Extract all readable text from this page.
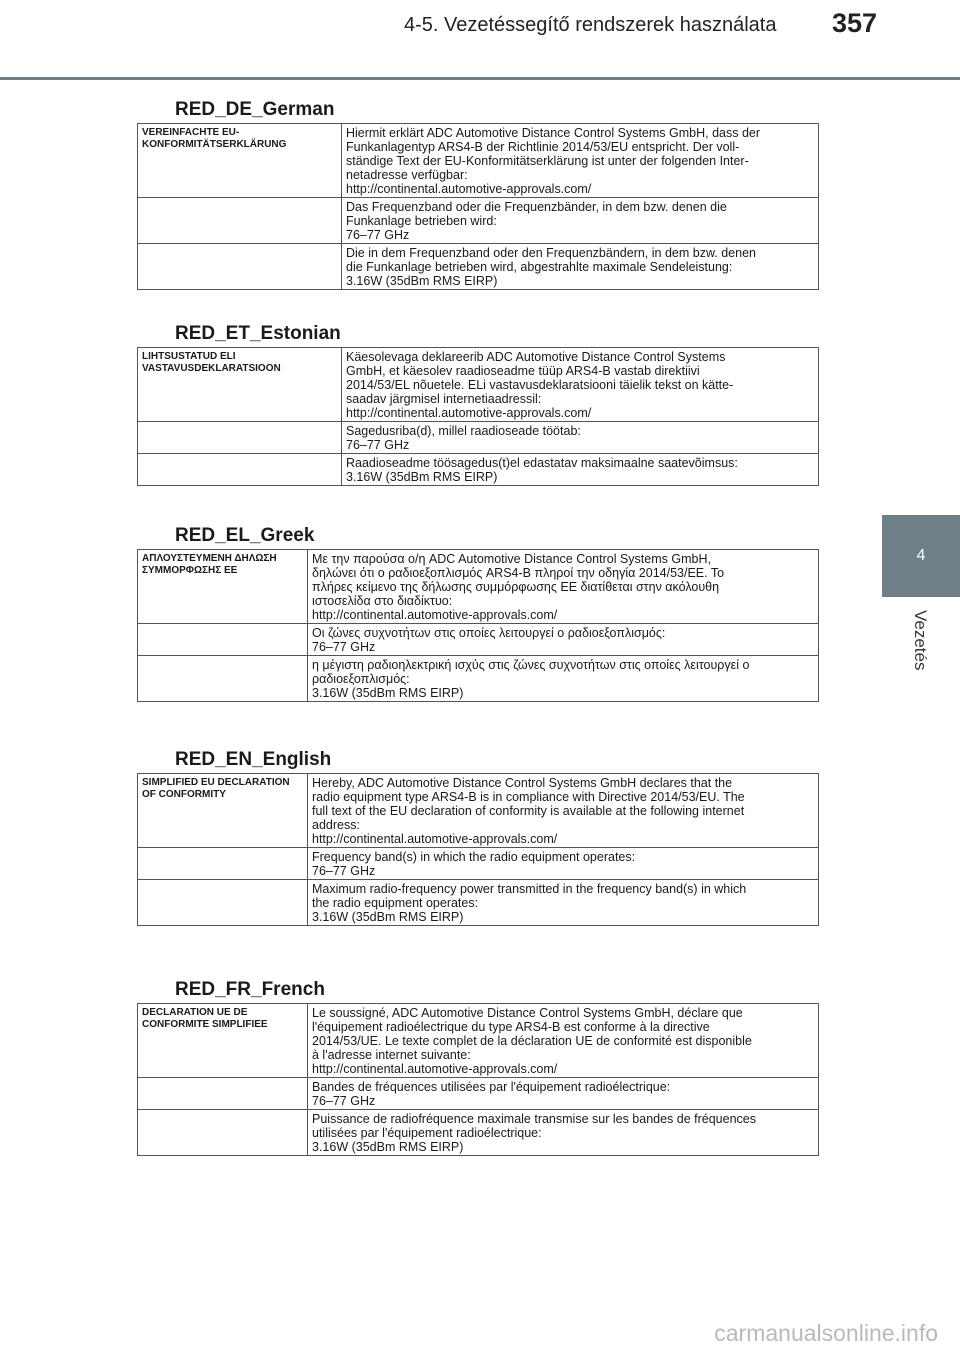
4-5. Vezetéssegítő rendszerek használata 357
4
Vezetés
RED_DE_German
VEREINFACHTE EU-KONFORMITÄTSERKLÄRUNG	Hiermit erklärt ADC Automotive Distance Control Systems GmbH, dass der
Funkanlagentyp ARS4-B der Richtlinie 2014/53/EU entspricht. Der voll-
ständige Text der EU-Konformitätserklärung ist unter der folgenden Inter-
netadresse verfügbar:
http://continental.automotive-approvals.com/

	Das Frequenzband oder die Frequenzbänder, in dem bzw. denen die
Funkanlage betrieben wird:
76–77 GHz

	Die in dem Frequenzband oder den Frequenzbändern, in dem bzw. denen
die Funkanlage betrieben wird, abgestrahlte maximale Sendeleistung:
3.16W (35dBm RMS EIRP)
RED_ET_Estonian
LIHTSUSTATUD ELI VASTAVUSDEKLARATSIOON	Käesolevaga deklareerib ADC Automotive Distance Control Systems
GmbH, et käesolev raadioseadme tüüp ARS4-B vastab direktiivi
2014/53/EL nõuetele. ELi vastavusdeklaratsiooni täielik tekst on kätte-
saadav järgmisel internetiaadressil:
http://continental.automotive-approvals.com/

	Sagedusriba(d), millel raadioseade töötab:
76–77 GHz

	Raadioseadme töösagedus(t)el edastatav maksimaalne saatevõimsus:
3.16W (35dBm RMS EIRP)
RED_EL_Greek
ΑΠΛΟΥΣΤΕΥΜΕΝΗ ΔΗΛΩΣΗ ΣΥΜΜΟΡΦΩΣΗΣ ΕΕ	Με την παρούσα ο/η ADC Automotive Distance Control Systems GmbH,
δηλώνει ότι ο ραδιοεξοπλισμός ARS4-B πληροί την οδηγία 2014/53/ΕΕ. Το
πλήρες κείμενο της δήλωσης συμμόρφωσης ΕΕ διατίθεται στην ακόλουθη
ιστοσελίδα στο διαδίκτυο:
http://continental.automotive-approvals.com/

	Οι ζώνες συχνοτήτων στις οποίες λειτουργεί ο ραδιοεξοπλισμός:
76–77 GHz

	η μέγιστη ραδιοηλεκτρική ισχύς στις ζώνες συχνοτήτων στις οποίες λειτουργεί ο
ραδιοεξοπλισμός:
3.16W (35dBm RMS EIRP)
RED_EN_English
SIMPLIFIED EU DECLARATION OF CONFORMITY	Hereby, ADC Automotive Distance Control Systems GmbH declares that the
radio equipment type ARS4-B is in compliance with Directive 2014/53/EU. The
full text of the EU declaration of conformity is available at the following internet
address:
http://continental.automotive-approvals.com/

	Frequency band(s) in which the radio equipment operates:
76–77 GHz

	Maximum radio-frequency power transmitted in the frequency band(s) in which
the radio equipment operates:
3.16W (35dBm RMS EIRP)
RED_FR_French
DECLARATION UE DE CONFORMITE SIMPLIFIEE	Le soussigné, ADC Automotive Distance Control Systems GmbH, déclare que
l'équipement radioélectrique du type ARS4-B est conforme à la directive
2014/53/UE. Le texte complet de la déclaration UE de conformité est disponible
à l'adresse internet suivante:
http://continental.automotive-approvals.com/

	Bandes de fréquences utilisées par l'équipement radioélectrique:
76–77 GHz

	Puissance de radiofréquence maximale transmise sur les bandes de fréquences
utilisées par l'équipement radioélectrique:
3.16W (35dBm RMS EIRP)
carmanualsonline.info
